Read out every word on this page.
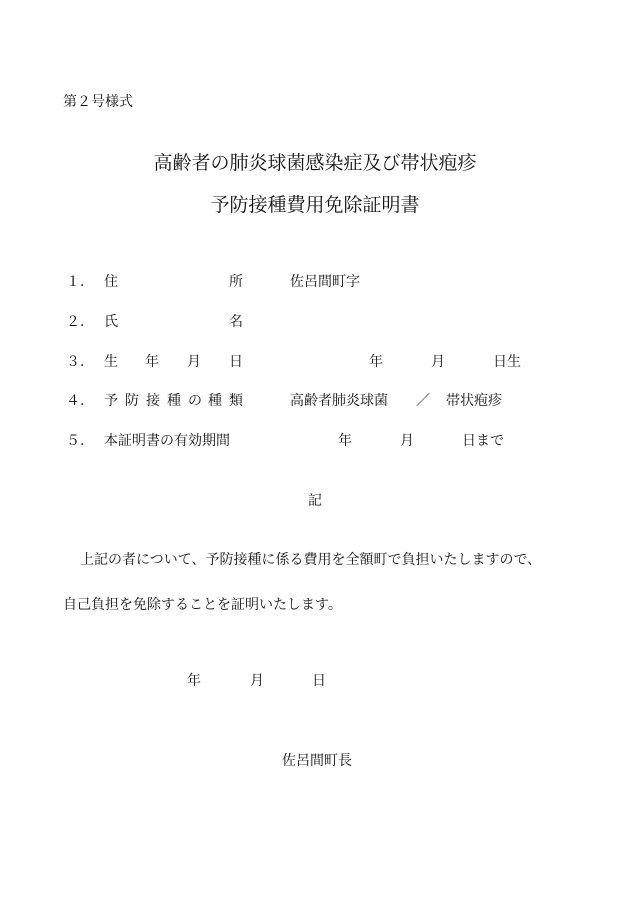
第２号様式
高齢者の肺炎球菌感染症及び帯状疱疹
予防接種費用免除証明書
１. 住	所	佐呂間町字
２. 氏	名
３. 生 年 月 日	年	月	日生
４. 予 防 接 種 の 種 類	高齢者肺炎球菌 ／ 帯状疱疹
５. 本証明書の有効期間	年	月	日まで
記
上記の者について、予防接種に係る費用を全額町で負担いたしますので、
自己負担を免除することを証明いたします。
年	月	日
佐呂間町長
